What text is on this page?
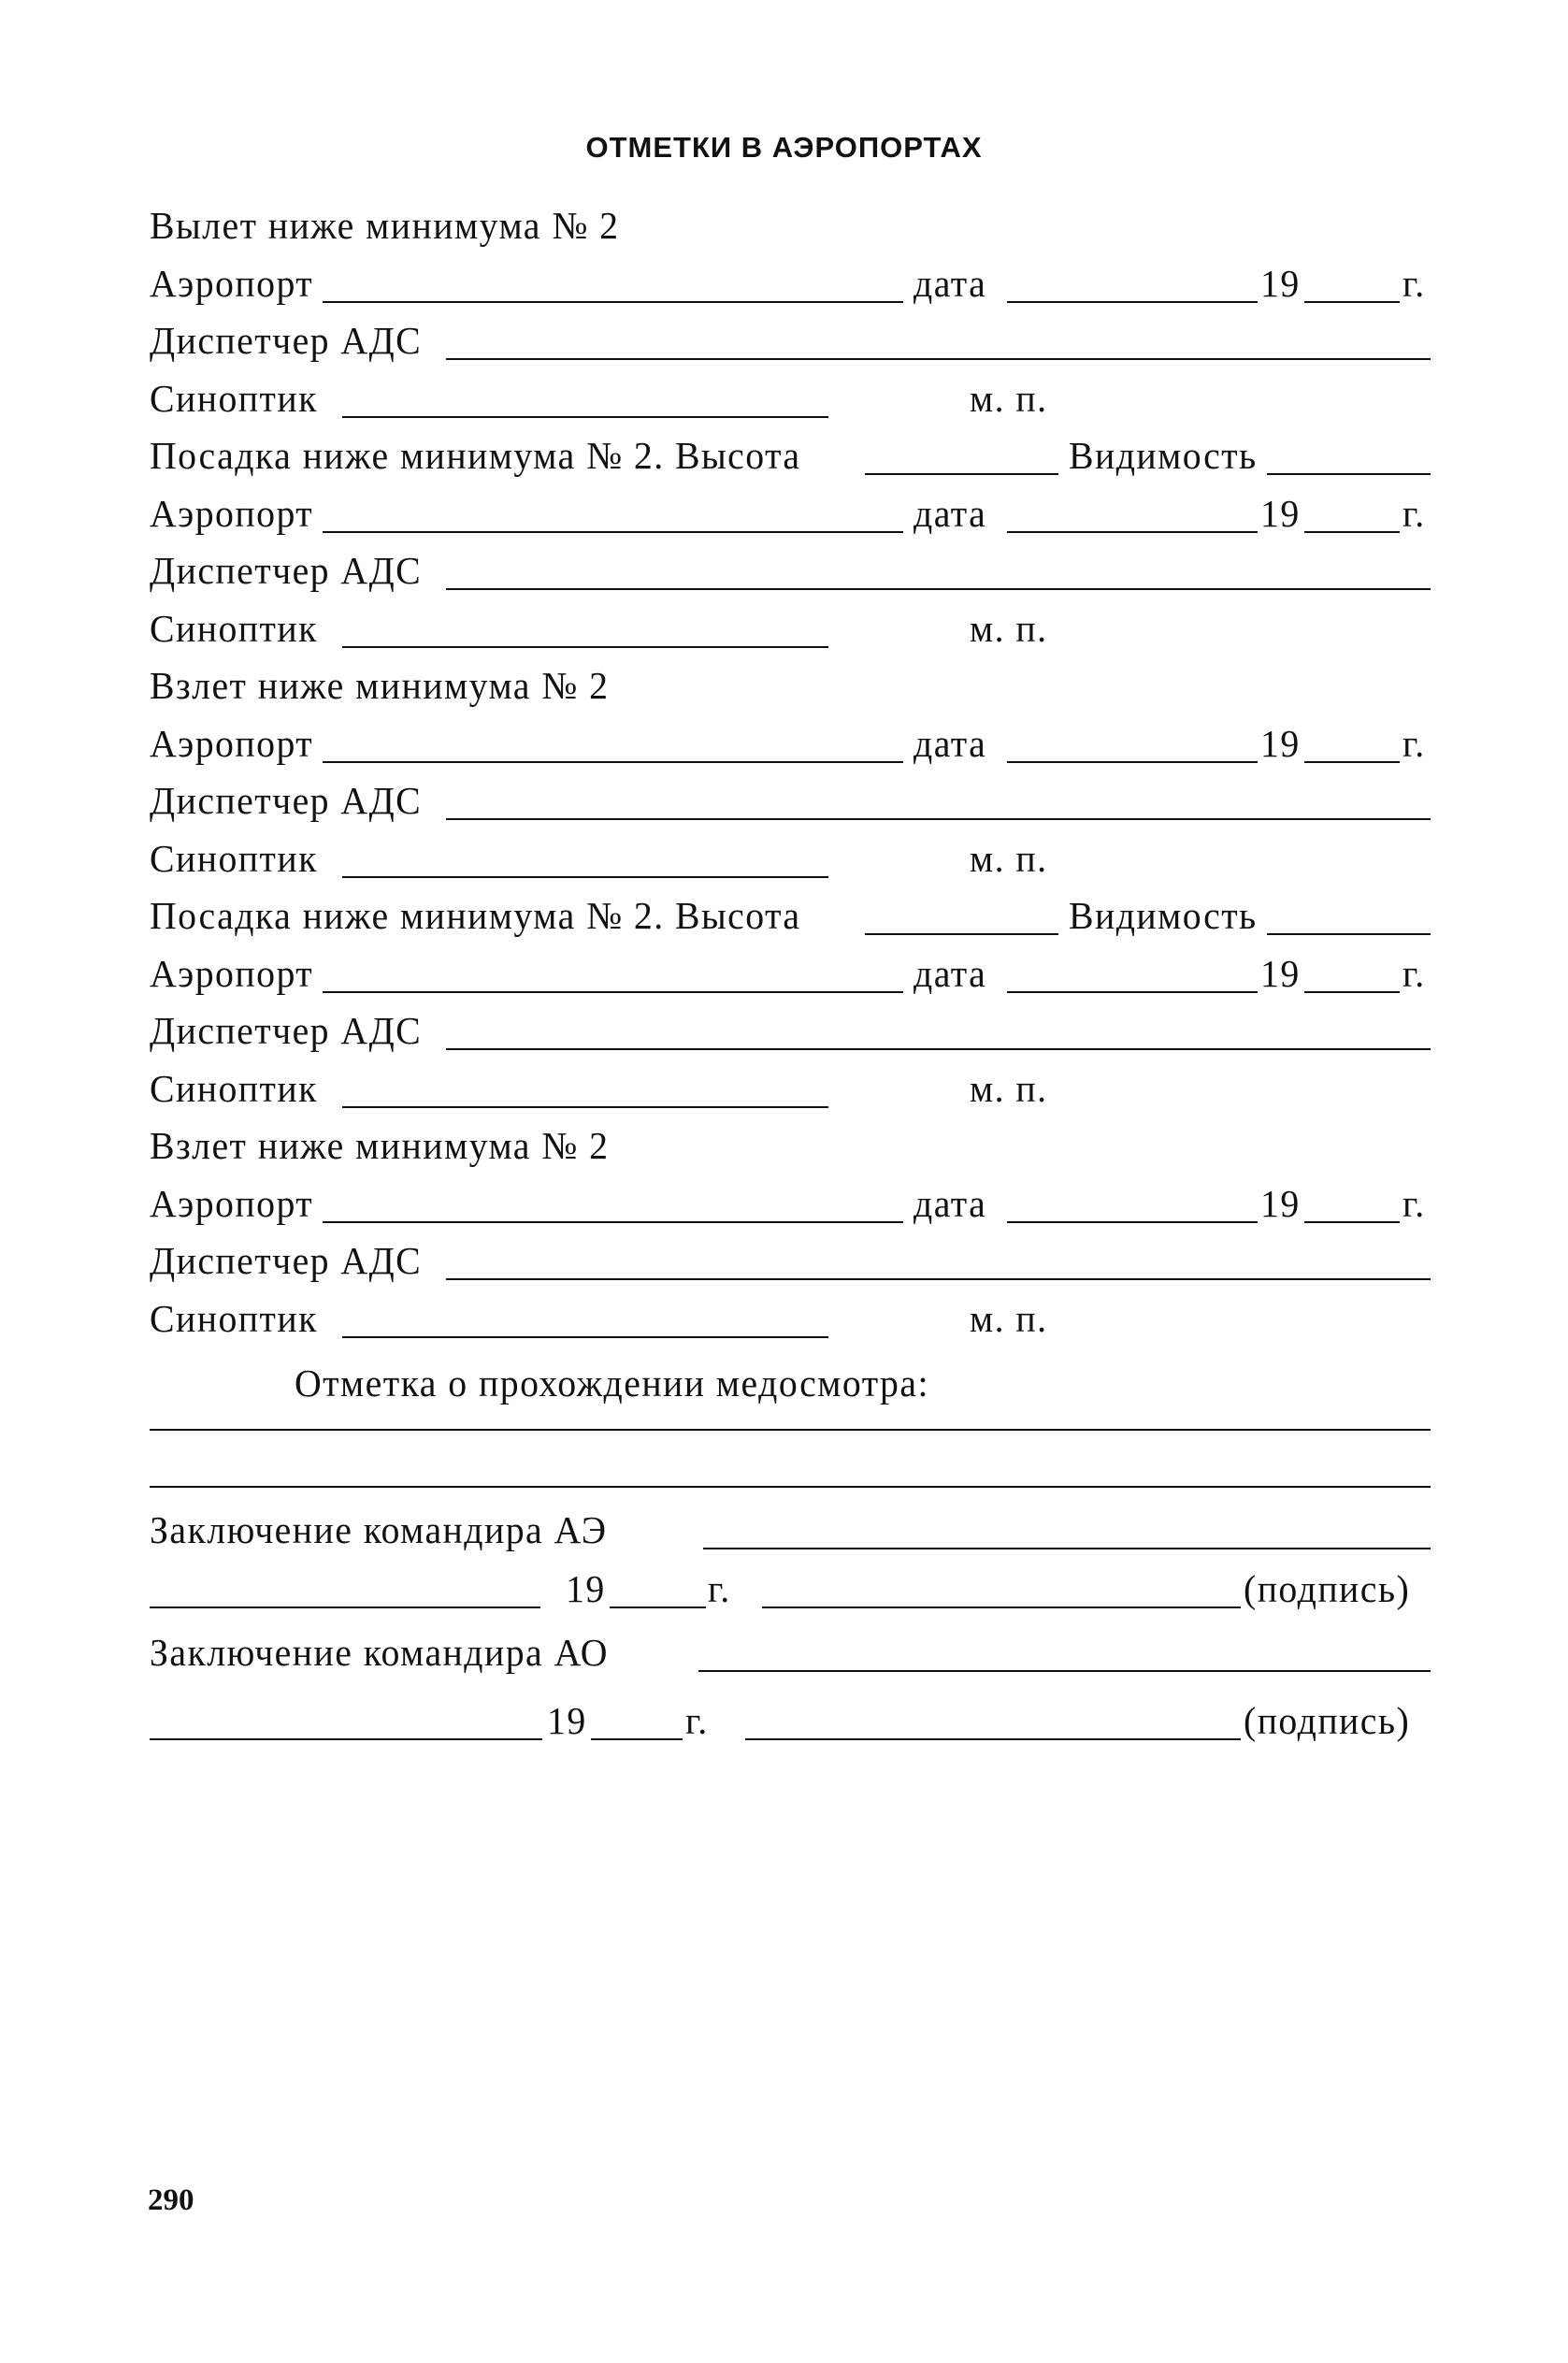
ОТМЕТКИ В АЭРОПОРТАХ
Вылет ниже минимума № 2
Аэропорт	дата	19	г.
Диспетчер АДС
Синоптик	м. п.
Посадка ниже минимума № 2. Высота	Видимость
Аэропорт	дата	19	г.
Диспетчер АДС
Синоптик	м. п.
Взлет ниже минимума № 2
Аэропорт	дата	19	г.
Диспетчер АДС
Синоптик	м. п.
Посадка ниже минимума № 2. Высота	Видимость
Аэропорт	дата	19	г.
Диспетчер АДС
Синоптик	м. п.
Взлет ниже минимума № 2
Аэропорт	дата	19	г.
Диспетчер АДС
Синоптик	м. п.
Отметка о прохождении медосмотра:
Заключение командира АЭ
19	г.	(подпись)
Заключение командира АО
19	г.	(подпись)
290
